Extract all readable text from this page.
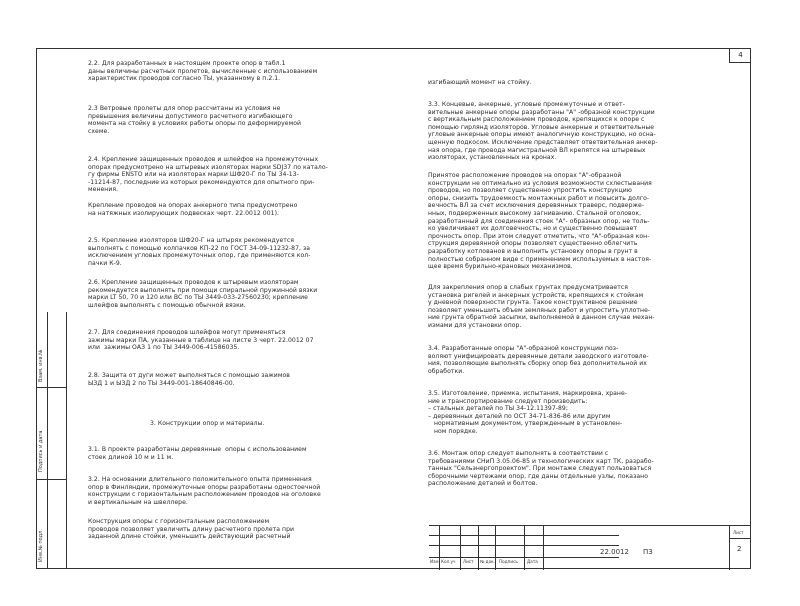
4
Взам. инв.№
Подпись и дата
Инв.№ подл.
2.2. Для разработанных в настоящем проекте опор в табл.1
даны величины расчетных пролетов, вычисленные с использованием
характеристик проводов согласно ТЫ, указанному в п.2.1.
2.3 Ветровые пролеты для опор рассчитаны из условия не
превышения величины допустимого расчетного изгибающего
момента на стойку в условиях работы опоры по деформируемой
схеме.
2.4. Крепление защищенных проводов и шлейфов на промежуточных
опорах предусмотрено на штыревых изоляторах марки SDJ37 по катало-
гу фирмы ENSTO или на изоляторах марки ШФ20-Г по ТЫ 34-13-
-11214-87, последние из которых рекомендуются для опытного при-
менения.
Крепление проводов на опорах анкерного типа предусмотрено
на натяжных изолирующих подвесках черт. 22.0012 001).
2.5. Крепление изоляторов ШФ20-Г на штырях рекомендуется
выполнять с помощью колпачков КП-22 по ГОСТ 34-09-11232-87, за
исключением угловых промежуточных опор, где применяются кол-
пачки К-9.
2.6. Крепление защищенных проводов к штыревым изоляторам
рекомендуется выполнять при помощи спиральной пружинной вязки
марки LT 50, 70 и 120 или ВС по ТЫ 3449-033-27560230; крепление
шлейфов выполнять с помощью обычной вязки.
2.7. Для соединения проводов шлейфов могут применяться
зажимы марки ПА, указанные в таблице на листе 3 черт. 22.0012 07
или  зажимы ОАЗ 1 по ТЫ 3449-006-41586035.
2.8. Защита от дуги может выполняться с помощью зажимов
ЫЗД 1 и ЫЗД 2 по ТЫ 3449-001-18640846-00.
3. Конструкции опор и материалы.
3.1. В проекте разработаны деревянные  опоры с использованием
стоек длиной 10 м и 11 м.
3.2. На основании длительного положительного опыта применения
опор в Финляндии, промежуточные опоры разработаны одностоечной
конструкции с горизонтальным расположением проводов на оголовке
и вертикальным на швеллере.
Конструкция опоры с горизонтальным расположением
проводов позволяет увеличить длину расчетного пролета при
заданной длине стойки, уменьшить действующий расчетный
изгибающий момент на стойку.
3.3. Концевые, анкерные, угловые промежуточные и ответ-
вительные анкерные опоры разработаны "А" -образной конструкции
с вертикальным расположением проводов, крепящихся к опоре с
помощью гирлянд изоляторов. Угловые анкерные и ответвительные
угловые анкерные опоры имеют аналогичную конструкцию, но осна-
щенную подкосом. Исключение представляет ответвительная анкер-
ная опора, где провода магистральной ВЛ крепятся на штыревых
изоляторах, установленных на кронах.
Принятое расположение проводов на опорах "А"-образной
конструкции не оптимально из условия возможности схлестывания
проводов, но позволяет существенно упростить конструкцию
опоры, снизить трудоемкость монтажных работ и повысить долго-
вечность ВЛ за счет исключения деревянных траверс, подверже-
нных, подверженных высокому загниванию. Стальной оголовок,
разработанный для соединения стоек "А"- образных опор, не толь-
ко увеличивает их долговечность, но и существенно повышает
прочность опор. При этом следует отметить, что "А"-образная кон-
струкция деревянной опоры позволяет существенно облегчить
разработку котлованов и выполнить установку опоры в грунт в
полностью собранном виде с применением используемых в настоя-
щее время бурильно-крановых механизмов.
Для закрепления опор в слабых грунтах предусматривается
установка ригелей и анкерных устройств, крепящихся к стойкам
у дневной поверхности грунта. Такое конструктивное решение
позволяет уменьшить объем земляных работ и упростить уплотне-
ние грунта обратной засыпки, выполняемой в данном случае механ-
измами для установки опор.
3.4. Разработанные опоры "А"-образной конструкции поз-
воляют унифицировать деревянные детали заводского изготовле-
ния, позволяющие выполнять сборку опор без дополнительной их
обработки.
3.5. Изготовление, приемка, испытания, маркировка, хране-
ние и транспортирование следует производить:
– стальных деталей по ТЫ 34-12.11397-89;
– деревянных деталей по ОСТ 34-71-836-86 или другим
нормативным документом, утвержденным в установлен-
ном порядке.
3.6. Монтаж опор следует выполнять в соответствии с
требованиями СНиП 3.05.06-85 и технологических карт ТК, разрабо-
танных "Сельэнергопроектом". При монтаже следует пользоваться
сборочными чертежами опор, где даны отдельные узлы, показано
расположение деталей и болтов.
Изм. Кол.уч Лист № док. Подпись Дата
22.0012 ПЗ
Лист
2
